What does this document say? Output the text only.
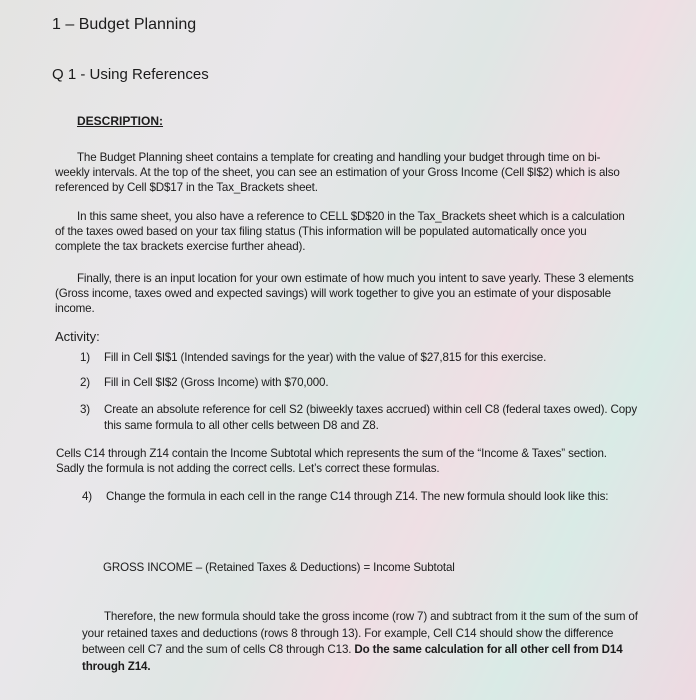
1 – Budget Planning
Q 1 - Using References
DESCRIPTION:
The Budget Planning sheet contains a template for creating and handling your budget through time on bi-weekly intervals. At the top of the sheet, you can see an estimation of your Gross Income (Cell $I$2) which is also referenced by Cell $D$17 in the Tax_Brackets sheet.
In this same sheet, you also have a reference to CELL $D$20 in the Tax_Brackets sheet which is a calculation of the taxes owed based on your tax filing status (This information will be populated automatically once you complete the tax brackets exercise further ahead).
Finally, there is an input location for your own estimate of how much you intent to save yearly. These 3 elements (Gross income, taxes owed and expected savings) will work together to give you an estimate of your disposable income.
Activity:
1) Fill in Cell $I$1 (Intended savings for the year) with the value of $27,815 for this exercise.
2) Fill in Cell $I$2 (Gross Income) with $70,000.
3) Create an absolute reference for cell S2 (biweekly taxes accrued) within cell C8 (federal taxes owed). Copy this same formula to all other cells between D8 and Z8.
Cells C14 through Z14 contain the Income Subtotal which represents the sum of the “Income & Taxes” section. Sadly the formula is not adding the correct cells. Let’s correct these formulas.
4) Change the formula in each cell in the range C14 through Z14. The new formula should look like this:
GROSS INCOME – (Retained Taxes & Deductions) = Income Subtotal
Therefore, the new formula should take the gross income (row 7) and subtract from it the sum of the sum of your retained taxes and deductions (rows 8 through 13). For example, Cell C14 should show the difference between cell C7 and the sum of cells C8 through C13. Do the same calculation for all other cell from D14 through Z14.
